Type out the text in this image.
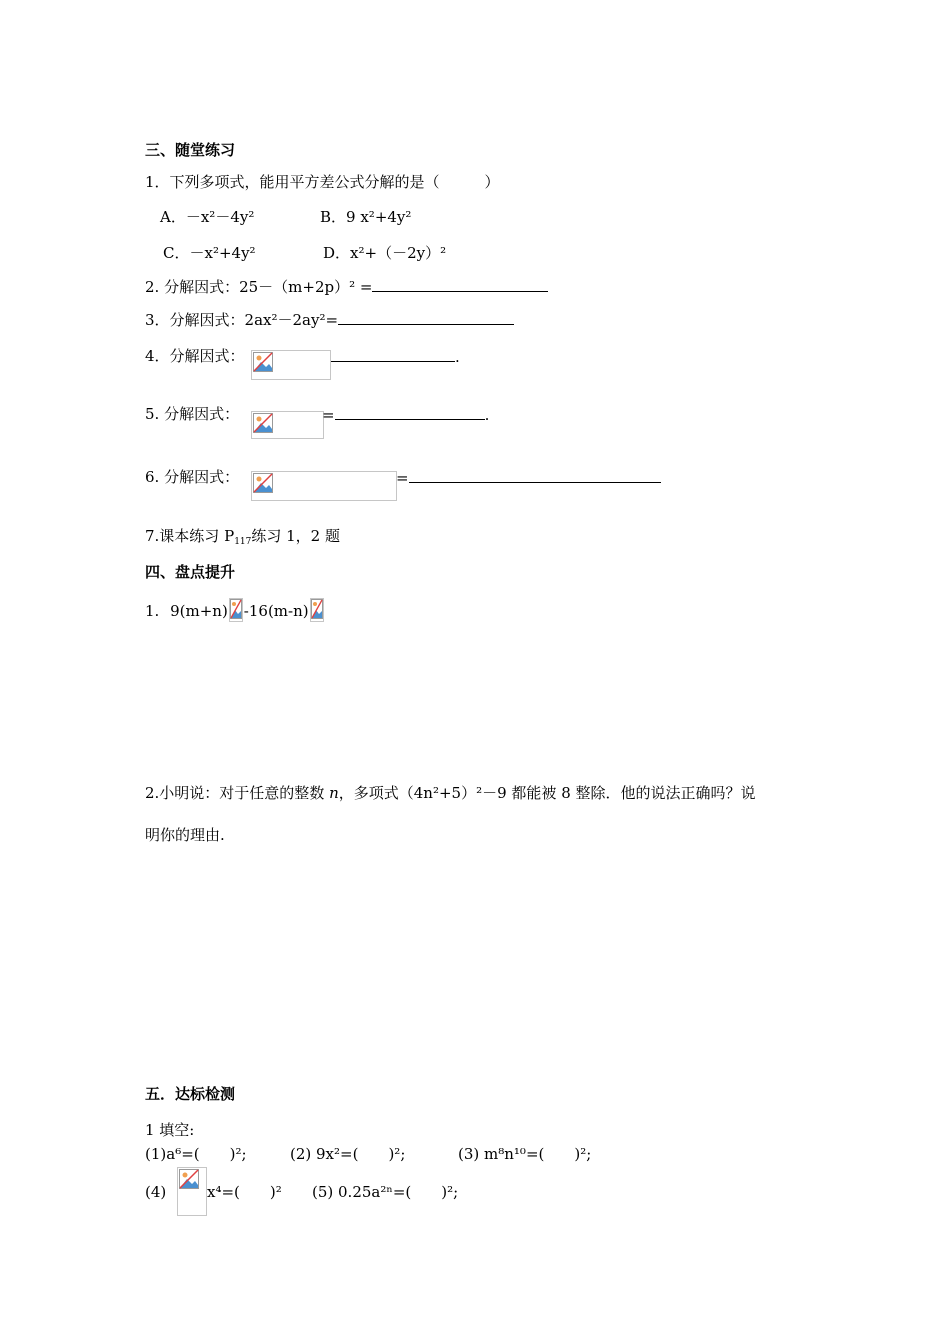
三、随堂练习
1．下列多项式，能用平方差公式分解的是（　　　）
A．－x²－4y²	B．9 x²+4y²
C．－x²+4y²	D．x²+（－2y）²
2. 分解因式：25－（m+2p）² =
3．分解因式：2ax²－2ay²=
4．分解因式：	.
5. 分解因式：	=	.
6. 分解因式：	=
7.课本练习 $P_{117}$练习 1，2 题
四、盘点提升
1. 9(m+n) -16(m-n)
2.小明说：对于任意的整数 n，多项式（4n²+5）²－9 都能被 8 整除．他的说法正确吗？说
明你的理由.
五．达标检测
1 填空:
(1)a⁶=(　　)²;	(2) 9x²=(　　)²;	(3) m⁸n¹⁰=(　　)²;
(4)	x⁴=(　　)² (5) 0.25a²ⁿ=(　　)²;
